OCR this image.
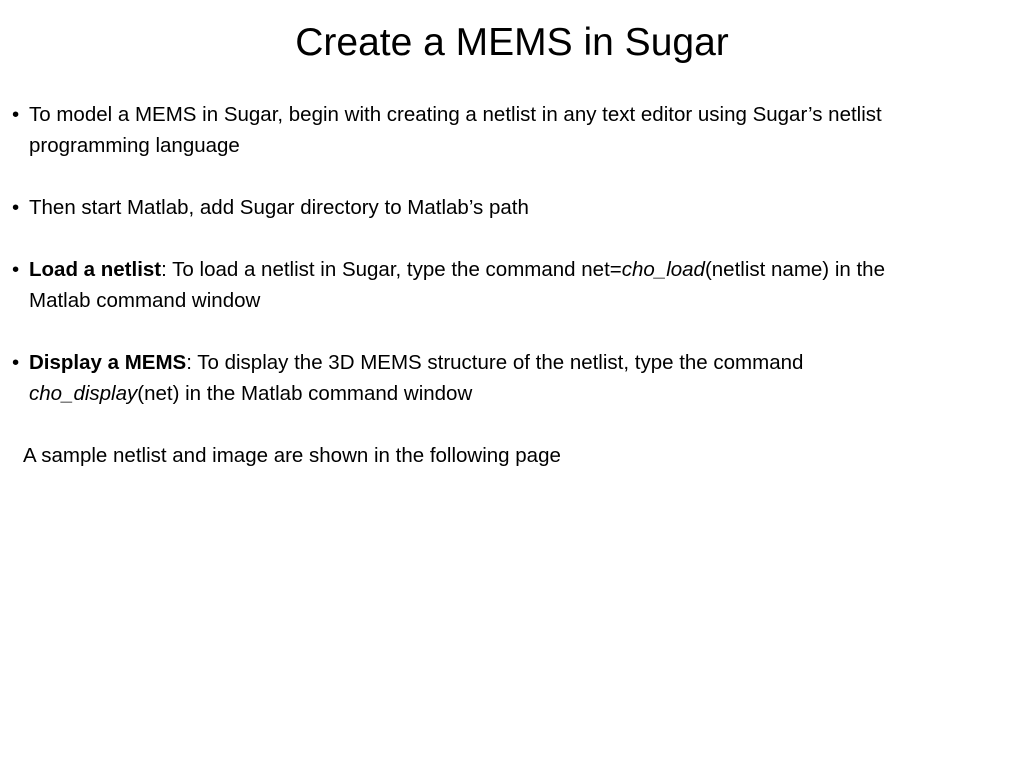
Create a MEMS in Sugar

• To model a MEMS in Sugar, begin with creating a netlist in any text editor using Sugar’s netlist
programming language

• Then start Matlab, add Sugar directory to Matlab’s path

• Load a netlist: To load a netlist in Sugar, type the command net=cho_load(netlist name) in the
Matlab command window

• Display a MEMS: To display the 3D MEMS structure of the netlist, type the command
cho_display(net) in the Matlab command window

A sample netlist and image are shown in the following page
